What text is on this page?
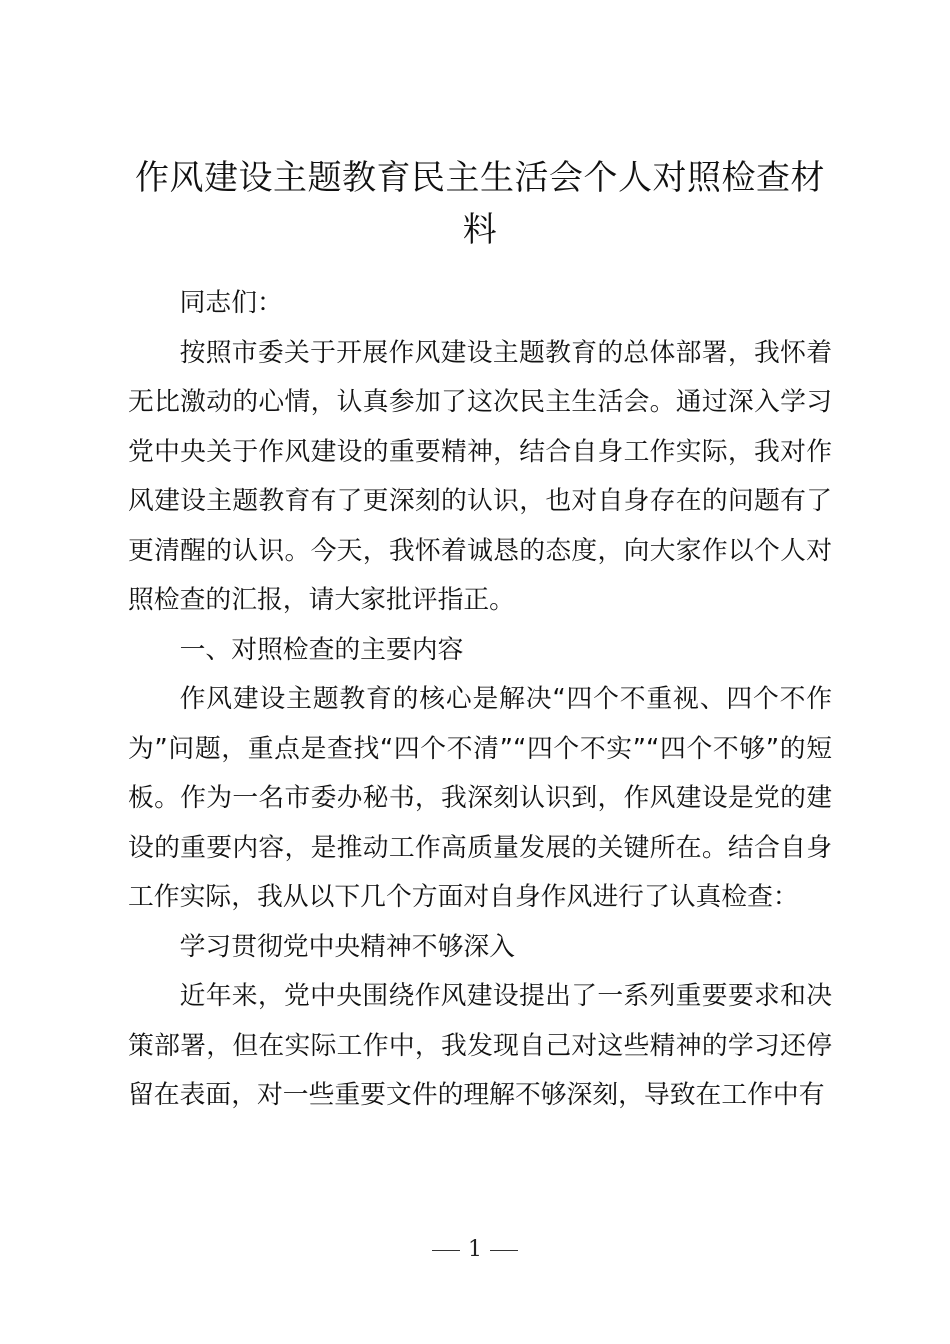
作风建设主题教育民主生活会个人对照检查材料

同志们：

按照市委关于开展作风建设主题教育的总体部署，我怀着无比激动的心情，认真参加了这次民主生活会。通过深入学习党中央关于作风建设的重要精神，结合自身工作实际，我对作风建设主题教育有了更深刻的认识，也对自身存在的问题有了更清醒的认识。今天，我怀着诚恳的态度，向大家作以个人对照检查的汇报，请大家批评指正。

一、对照检查的主要内容

作风建设主题教育的核心是解决“四个不重视、四个不作为”问题，重点是查找“四个不清”“四个不实”“四个不够”的短板。作为一名市委办秘书，我深刻认识到，作风建设是党的建设的重要内容，是推动工作高质量发展的关键所在。结合自身工作实际，我从以下几个方面对自身作风进行了认真检查：

学习贯彻党中央精神不够深入

近年来，党中央围绕作风建设提出了一系列重要要求和决策部署，但在实际工作中，我发现自己对这些精神的学习还停留在表面，对一些重要文件的理解不够深刻，导致在工作中有

1
